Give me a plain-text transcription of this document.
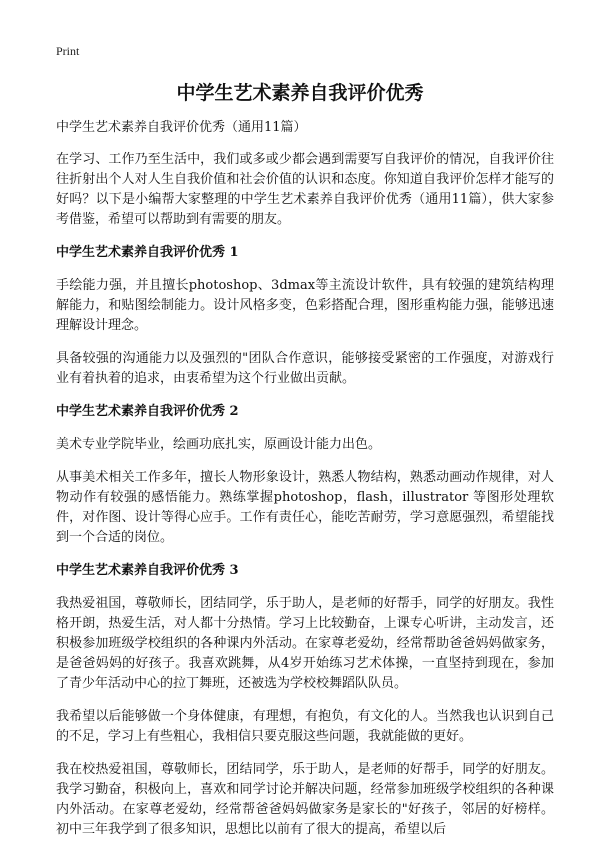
Print
中学生艺术素养自我评价优秀
中学生艺术素养自我评价优秀（通用11篇）

在学习、工作乃至生活中，我们或多或少都会遇到需要写自我评价的情况，自我评价往往折射出个人对人生自我价值和社会价值的认识和态度。你知道自我评价怎样才能写的好吗？以下是小编帮大家整理的中学生艺术素养自我评价优秀（通用11篇），供大家参考借鉴，希望可以帮助到有需要的朋友。

中学生艺术素养自我评价优秀 1

手绘能力强，并且擅长photoshop、3dmax等主流设计软件，具有较强的建筑结构理解能力，和贴图绘制能力。设计风格多变，色彩搭配合理，图形重构能力强，能够迅速理解设计理念。

具备较强的沟通能力以及强烈的"团队合作意识，能够接受紧密的工作强度，对游戏行业有着执着的追求，由衷希望为这个行业做出贡献。

中学生艺术素养自我评价优秀 2

美术专业学院毕业，绘画功底扎实，原画设计能力出色。

从事美术相关工作多年，擅长人物形象设计，熟悉人物结构，熟悉动画动作规律，对人物动作有较强的感悟能力。熟练掌握photoshop，flash，illustrator 等图形处理软件，对作图、设计等得心应手。工作有责任心，能吃苦耐劳，学习意愿强烈，希望能找到一个合适的岗位。

中学生艺术素养自我评价优秀 3

我热爱祖国，尊敬师长，团结同学，乐于助人，是老师的好帮手，同学的好朋友。我性格开朗，热爱生活，对人都十分热情。学习上比较勤奋，上课专心听讲，主动发言，还积极参加班级学校组织的各种课内外活动。在家尊老爱幼，经常帮助爸爸妈妈做家务，是爸爸妈妈的好孩子。我喜欢跳舞，从4岁开始练习艺术体操，一直坚持到现在，参加了青少年活动中心的拉丁舞班，还被选为学校校舞蹈队队员。

我希望以后能够做一个身体健康，有理想，有抱负，有文化的人。当然我也认识到自己的不足，学习上有些粗心，我相信只要克服这些问题，我就能做的更好。

我在校热爱祖国，尊敬师长，团结同学，乐于助人，是老师的好帮手，同学的好朋友。我学习勤奋，积极向上，喜欢和同学讨论并解决问题，经常参加班级学校组织的各种课内外活动。在家尊老爱幼，经常帮爸爸妈妈做家务是家长的"好孩子，邻居的好榜样。初中三年我学到了很多知识，思想比以前有了很大的提高，希望以后
